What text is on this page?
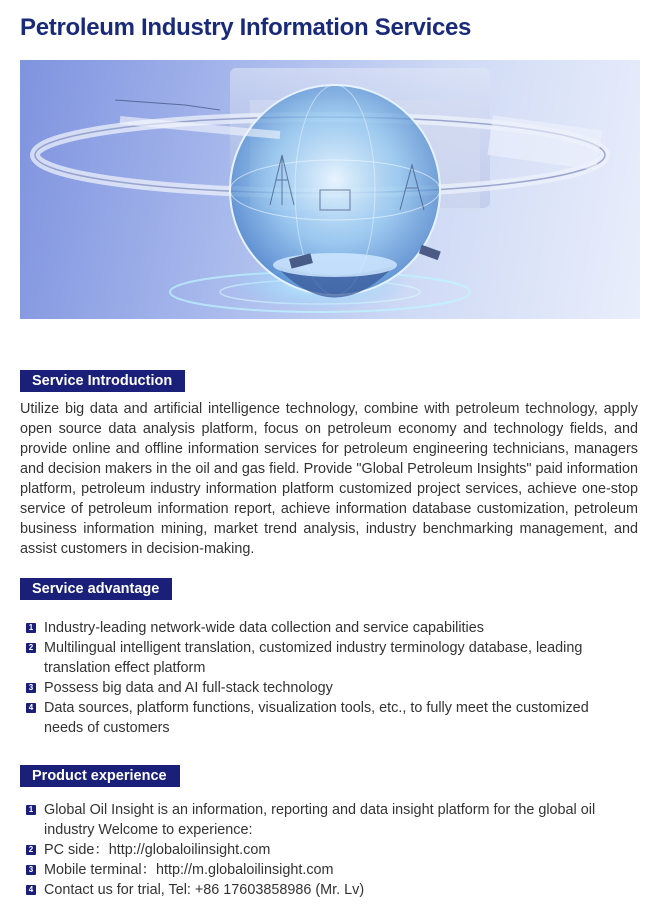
Petroleum Industry Information Services
Service Introduction
Utilize big data and artificial intelligence technology, combine with petroleum technology, apply open source data analysis platform, focus on petroleum economy and technology fields, and provide online and offline information services for petroleum engineering technicians, managers and decision makers in the oil and gas field. Provide "Global Petroleum Insights" paid information platform, petroleum industry information platform customized project services, achieve one-stop service of petroleum information report, achieve information database customization, petroleum business information mining, market trend analysis, industry benchmarking management, and assist customers in decision-making.
Service advantage
1 Industry-leading network-wide data collection and service capabilities
2 Multilingual intelligent translation, customized industry terminology database, leading translation effect platform
3 Possess big data and AI full-stack technology
4 Data sources, platform functions, visualization tools, etc., to fully meet the customized needs of customers
Product experience
1 Global Oil Insight is an information, reporting and data insight platform for the global oil industry Welcome to experience:
2 PC side：http://globaloilinsight.com
3 Mobile terminal：http://m.globaloilinsight.com
4 Contact us for trial, Tel: +86 17603858986 (Mr. Lv)
